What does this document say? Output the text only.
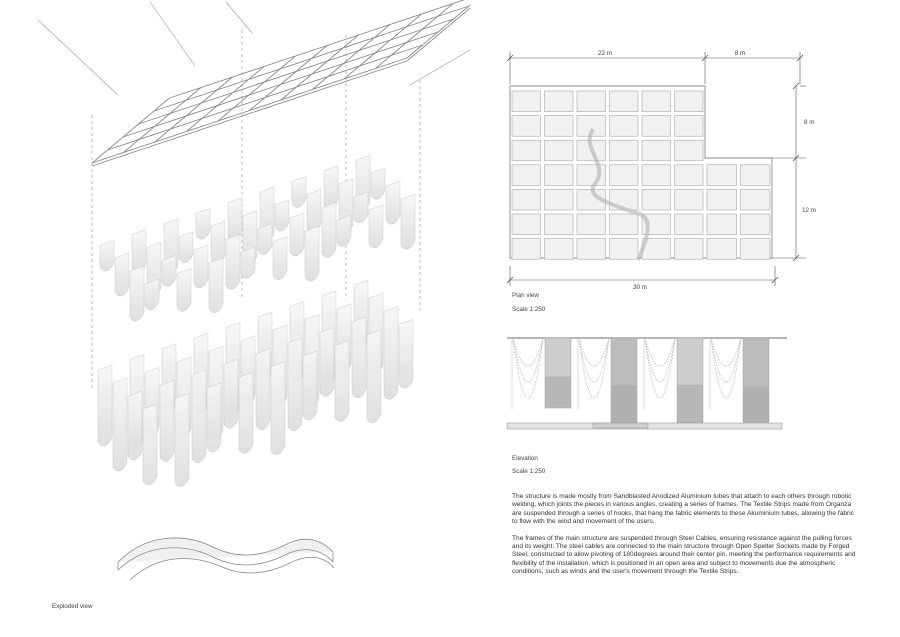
Exploded view
22 m	8 m
8 m
12 m
30 m
Plan view
Scale 1:250
Elevation
Scale 1:250

The structure is made mostly from Sandblasted Anodized Aluminium tubes that attach to each others through robotic welding, which joints the pieces in various angles, creating a series of frames. The Textile Strips made from Organza are suspended through a series of hooks, that hang the fabric elements to these Akuminium tubes, allowing the fabric to flow with the wind and movement of the users.

The frames of the main structure are suspended through Steel Cables, ensuring resistance against the pulling forces and its weight. The steel cables are connected to the main structure through Open Spelter Sockets made by Forged Steel, constructed to allow pivoting of 180degrees around their center pin, meeting the performance requirements and flexibility of the installation, which is positioned in an open area and subject to movements due the atmospheric conditions, such as winds and the user's movement through the Textile Strips.
